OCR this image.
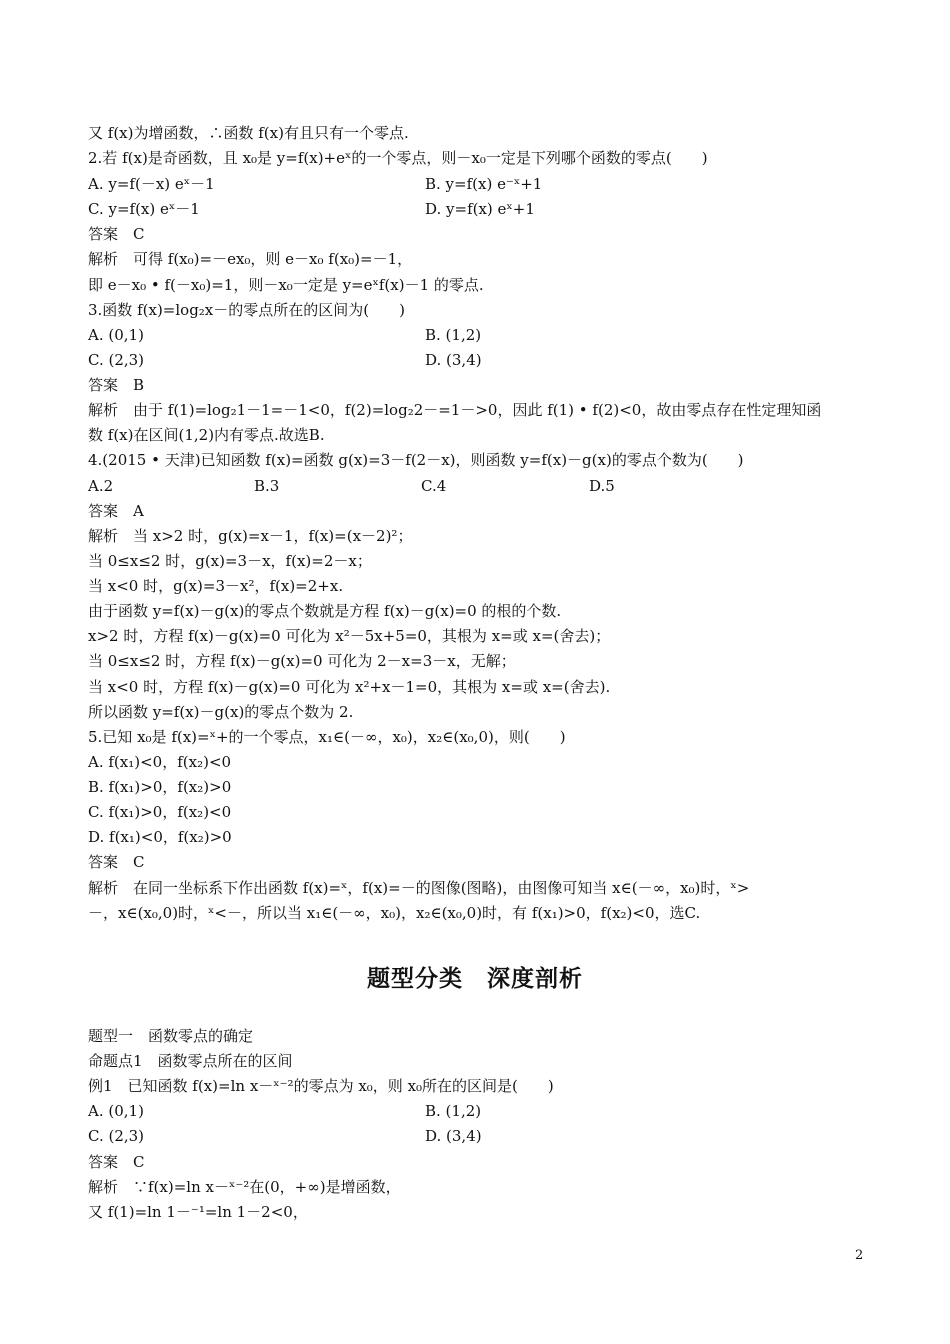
又 f(x)为增函数，∴函数 f(x)有且只有一个零点.
2.若 f(x)是奇函数，且 x₀是 y=f(x)+eˣ的一个零点，则－x₀一定是下列哪个函数的零点(　　)
A. y=f(－x) eˣ－1	B. y=f(x) e⁻ˣ+1
C. y=f(x) eˣ－1	D. y=f(x) eˣ+1
答案　C
解析　可得 f(x₀)=－ex₀，则 e－x₀ f(x₀)=－1，
即 e－x₀ • f(－x₀)=1，则－x₀一定是 y=eˣf(x)－1 的零点.
3.函数 f(x)=log₂x－的零点所在的区间为(　　)
A. (0,1)	B. (1,2)
C. (2,3)	D. (3,4)
答案　B
解析　由于 f(1)=log₂1－1=－1<0，f(2)=log₂2－=1－>0，因此 f(1) • f(2)<0，故由零点存在性定理知函
数 f(x)在区间(1,2)内有零点.故选B.
4.(2015 • 天津)已知函数 f(x)=函数 g(x)=3－f(2－x)，则函数 y=f(x)－g(x)的零点个数为(　　)
A.2	B.3	C.4	D.5
答案　A
解析　当 x>2 时，g(x)=x－1，f(x)=(x－2)²；
当 0≤x≤2 时，g(x)=3－x，f(x)=2－x；
当 x<0 时，g(x)=3－x²，f(x)=2+x.
由于函数 y=f(x)－g(x)的零点个数就是方程 f(x)－g(x)=0 的根的个数.
x>2 时，方程 f(x)－g(x)=0 可化为 x²－5x+5=0，其根为 x=或 x=(舍去)；
当 0≤x≤2 时，方程 f(x)－g(x)=0 可化为 2－x=3－x，无解；
当 x<0 时，方程 f(x)－g(x)=0 可化为 x²+x－1=0，其根为 x=或 x=(舍去).
所以函数 y=f(x)－g(x)的零点个数为 2.
5.已知 x₀是 f(x)=ˣ+的一个零点，x₁∈(－∞，x₀)，x₂∈(x₀,0)，则(　　)
A. f(x₁)<0，f(x₂)<0
B. f(x₁)>0，f(x₂)>0
C. f(x₁)>0，f(x₂)<0
D. f(x₁)<0，f(x₂)>0
答案　C
解析　在同一坐标系下作出函数 f(x)=ˣ，f(x)=－的图像(图略)，由图像可知当 x∈(－∞，x₀)时，ˣ>
－，x∈(x₀,0)时，ˣ<－，所以当 x₁∈(－∞，x₀)，x₂∈(x₀,0)时，有 f(x₁)>0，f(x₂)<0，选C.
题型分类　深度剖析
题型一　函数零点的确定
命题点1　函数零点所在的区间
例1　已知函数 f(x)=ln x－ˣ⁻²的零点为 x₀，则 x₀所在的区间是(　　)
A. (0,1)	B. (1,2)
C. (2,3)	D. (3,4)
答案　C
解析　∵f(x)=ln x－ˣ⁻²在(0，+∞)是增函数，
又 f(1)=ln 1－⁻¹=ln 1－2<0，
2
